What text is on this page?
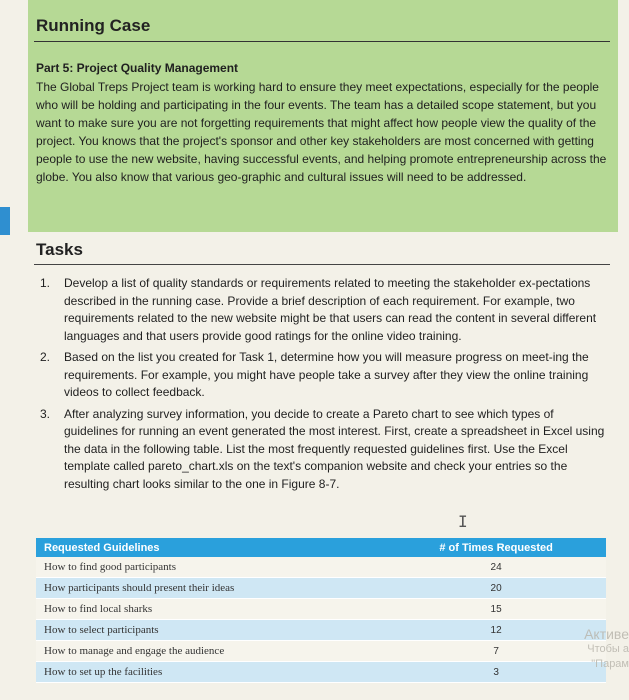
Running Case
Part 5: Project Quality Management

The Global Treps Project team is working hard to ensure they meet expectations, especially for the people who will be holding and participating in the four events. The team has a detailed scope statement, but you want to make sure you are not forgetting requirements that might affect how people view the quality of the project. You knows that the project's sponsor and other key stakeholders are most concerned with getting people to use the new website, having successful events, and helping promote entrepreneurship across the globe. You also know that various geo-graphic and cultural issues will need to be addressed.

Tasks
1. Develop a list of quality standards or requirements related to meeting the stakeholder ex-pectations described in the running case. Provide a brief description of each requirement. For example, two requirements related to the new website might be that users can read the content in several different languages and that users provide good ratings for the online video training.
2. Based on the list you created for Task 1, determine how you will measure progress on meet-ing the requirements. For example, you might have people take a survey after they view the online training videos to collect feedback.
3. After analyzing survey information, you decide to create a Pareto chart to see which types of guidelines for running an event generated the most interest. First, create a spreadsheet in Excel using the data in the following table. List the most frequently requested guidelines first. Use the Excel template called pareto_chart.xls on the text's companion website and check your entries so the resulting chart looks similar to the one in Figure 8-7.
I
Requested Guidelines	# of Times Requested
How to find good participants	24
How participants should present their ideas	20
How to find local sharks	15
How to select participants	12
How to manage and engage the audience	7
How to set up the facilities	3
Активе
Чтобы а
"Парам
